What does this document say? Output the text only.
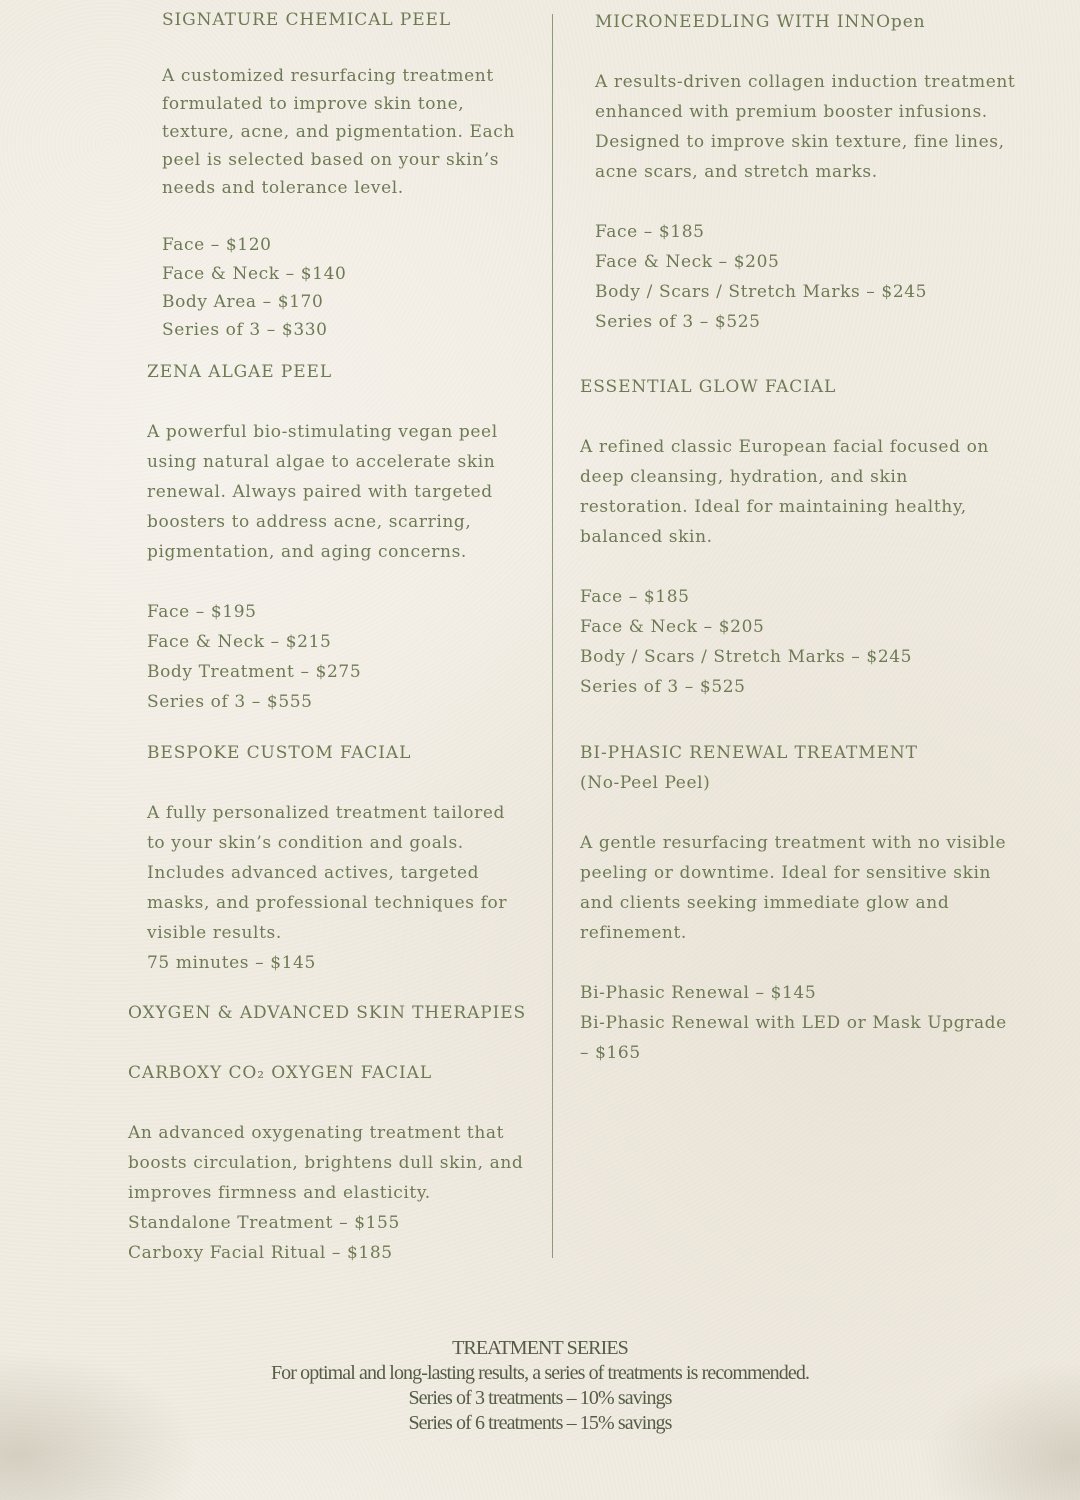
SIGNATURE CHEMICAL PEEL
A customized resurfacing treatment
formulated to improve skin tone,
texture, acne, and pigmentation. Each
peel is selected based on your skin’s
needs and tolerance level.
Face – $120
Face & Neck – $140
Body Area – $170
Series of 3 – $330
ZENA ALGAE PEEL
A powerful bio-stimulating vegan peel
using natural algae to accelerate skin
renewal. Always paired with targeted
boosters to address acne, scarring,
pigmentation, and aging concerns.
Face – $195
Face & Neck – $215
Body Treatment – $275
Series of 3 – $555
BESPOKE CUSTOM FACIAL
A fully personalized treatment tailored
to your skin’s condition and goals.
Includes advanced actives, targeted
masks, and professional techniques for
visible results.
75 minutes – $145
OXYGEN & ADVANCED SKIN THERAPIES
CARBOXY CO₂ OXYGEN FACIAL
An advanced oxygenating treatment that
boosts circulation, brightens dull skin, and
improves firmness and elasticity.
Standalone Treatment – $155
Carboxy Facial Ritual – $185
MICRONEEDLING WITH INNOpen
A results-driven collagen induction treatment
enhanced with premium booster infusions.
Designed to improve skin texture, fine lines,
acne scars, and stretch marks.
Face – $185
Face & Neck – $205
Body / Scars / Stretch Marks – $245
Series of 3 – $525
ESSENTIAL GLOW FACIAL
A refined classic European facial focused on
deep cleansing, hydration, and skin
restoration. Ideal for maintaining healthy,
balanced skin.
Face – $185
Face & Neck – $205
Body / Scars / Stretch Marks – $245
Series of 3 – $525
BI-PHASIC RENEWAL TREATMENT
(No-Peel Peel)
A gentle resurfacing treatment with no visible
peeling or downtime. Ideal for sensitive skin
and clients seeking immediate glow and
refinement.
Bi-Phasic Renewal – $145
Bi-Phasic Renewal with LED or Mask Upgrade
– $165
TREATMENT SERIES
For optimal and long-lasting results, a series of treatments is recommended.
Series of 3 treatments – 10% savings
Series of 6 treatments – 15% savings
